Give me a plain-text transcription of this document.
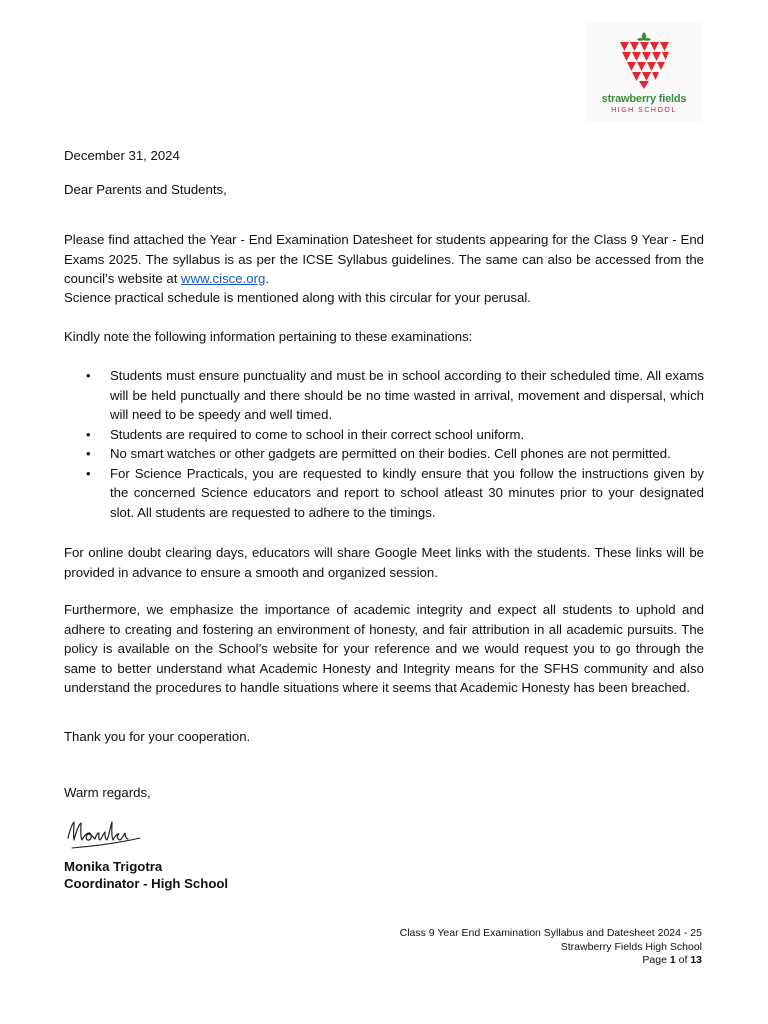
strawberry fields
HIGH SCHOOL
December 31, 2024
Dear Parents and Students,
Please find attached the Year - End Examination Datesheet for students appearing for the Class 9 Year - End Exams 2025. The syllabus is as per the ICSE Syllabus guidelines. The same can also be accessed from the council’s website at www.cisce.org.
Science practical schedule is mentioned along with this circular for your perusal.
Kindly note the following information pertaining to these examinations:
• Students must ensure punctuality and must be in school according to their scheduled time. All exams will be held punctually and there should be no time wasted in arrival, movement and dispersal, which will need to be speedy and well timed.
• Students are required to come to school in their correct school uniform.
• No smart watches or other gadgets are permitted on their bodies. Cell phones are not permitted.
• For Science Practicals, you are requested to kindly ensure that you follow the instructions given by the concerned Science educators and report to school atleast 30 minutes prior to your designated slot. All students are requested to adhere to the timings.
For online doubt clearing days, educators will share Google Meet links with the students. These links will be provided in advance to ensure a smooth and organized session.
Furthermore, we emphasize the importance of academic integrity and expect all students to uphold and adhere to creating and fostering an environment of honesty, and fair attribution in all academic pursuits. The policy is available on the School’s website for your reference and we would request you to go through the same to better understand what Academic Honesty and Integrity means for the SFHS community and also understand the procedures to handle situations where it seems that Academic Honesty has been breached.
Thank you for your cooperation.
Warm regards,
Monika Trigotra
Coordinator - High School
Class 9 Year End Examination Syllabus and Datesheet 2024 - 25
Strawberry Fields High School
Page 1 of 13
